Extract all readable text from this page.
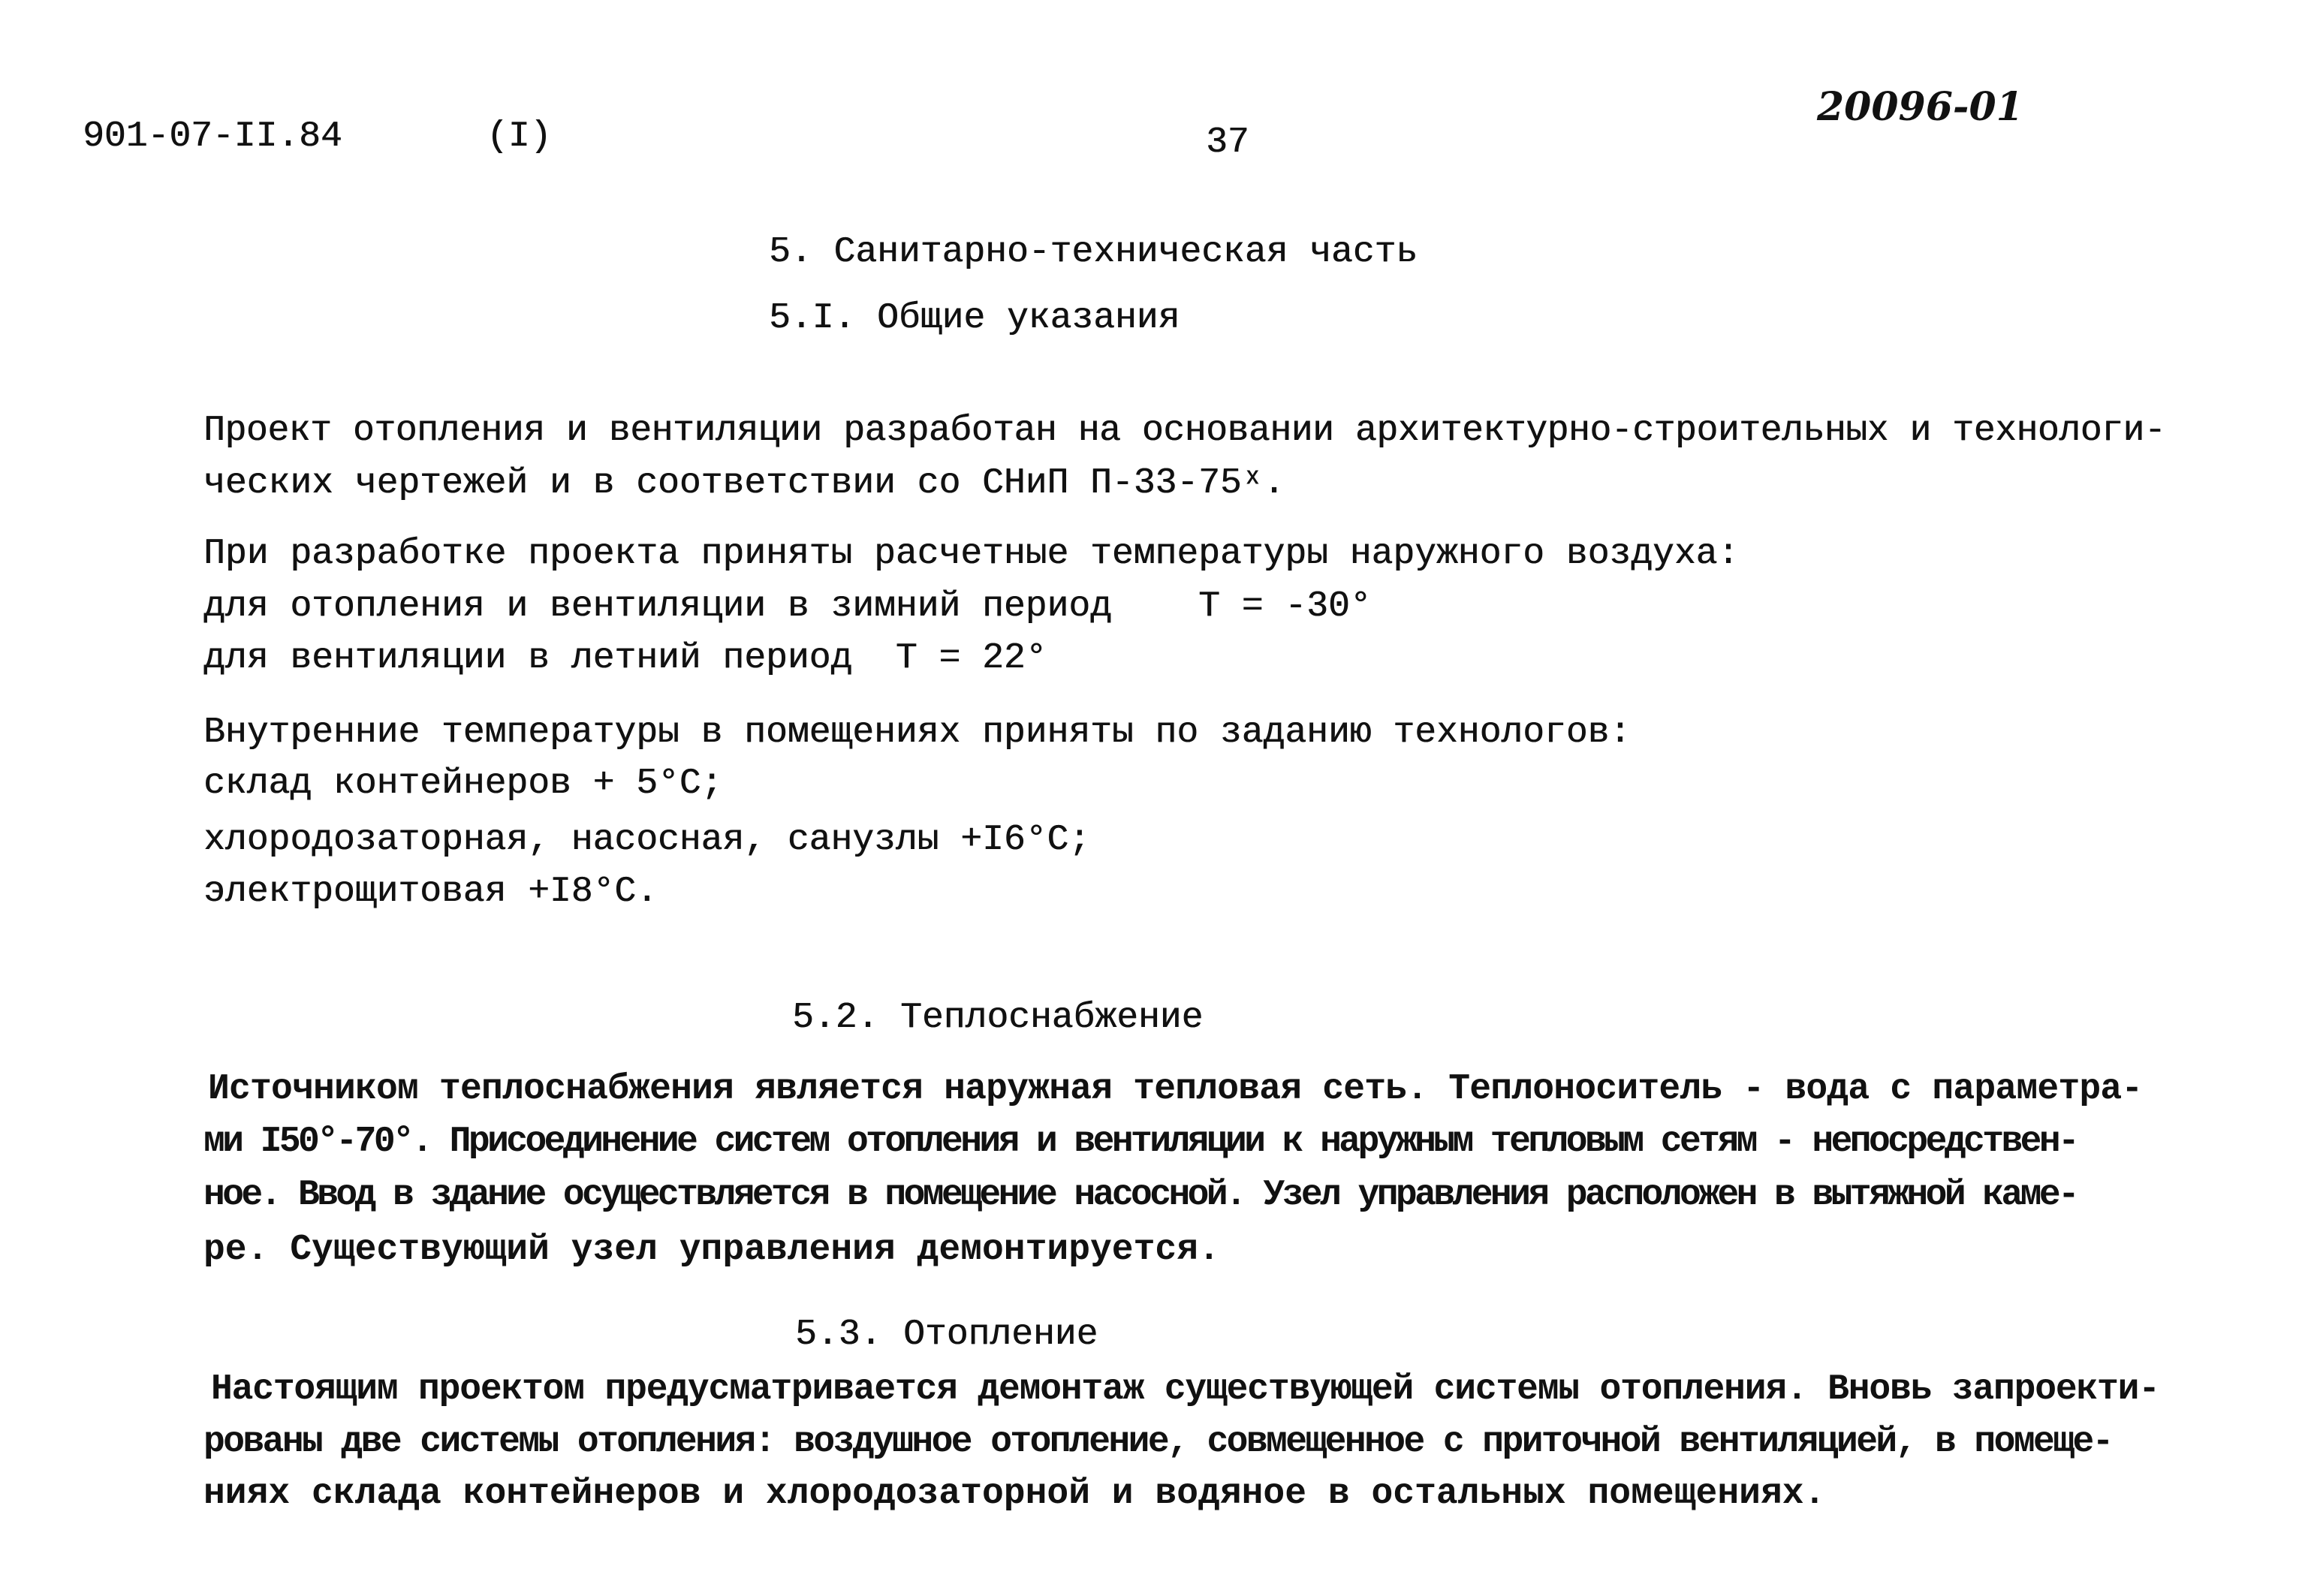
901-07-II.84	(I)	37
20096-01
5. Санитарно-техническая часть
5.I. Общие указания
Проект отопления и вентиляции разработан на основании архитектурно-строительных и технологи-
ческих чертежей и в соответствии со СНиП П-33-75ˣ.
При разработке проекта приняты расчетные температуры наружного воздуха:
для отопления и вентиляции в зимний период    T = -30°
для вентиляции в летний период  T = 22°
Внутренние температуры в помещениях приняты по заданию технологов:
склад контейнеров + 5°C;
хлородозаторная, насосная, санузлы +I6°C;
электрощитовая +I8°C.
5.2. Теплоснабжение
Источником теплоснабжения является наружная тепловая сеть. Теплоноситель - вода с параметра-
ми I50°-70°. Присоединение систем отопления и вентиляции к наружным тепловым сетям - непосредствен-
ное. Ввод в здание осуществляется в помещение насосной. Узел управления расположен в вытяжной каме-
ре. Существующий узел управления демонтируется.
5.3. Отопление
Настоящим проектом предусматривается демонтаж существующей системы отопления. Вновь запроекти-
рованы две системы отопления: воздушное отопление, совмещенное с приточной вентиляцией, в помеще-
ниях склада контейнеров и хлородозаторной и водяное в остальных помещениях.
